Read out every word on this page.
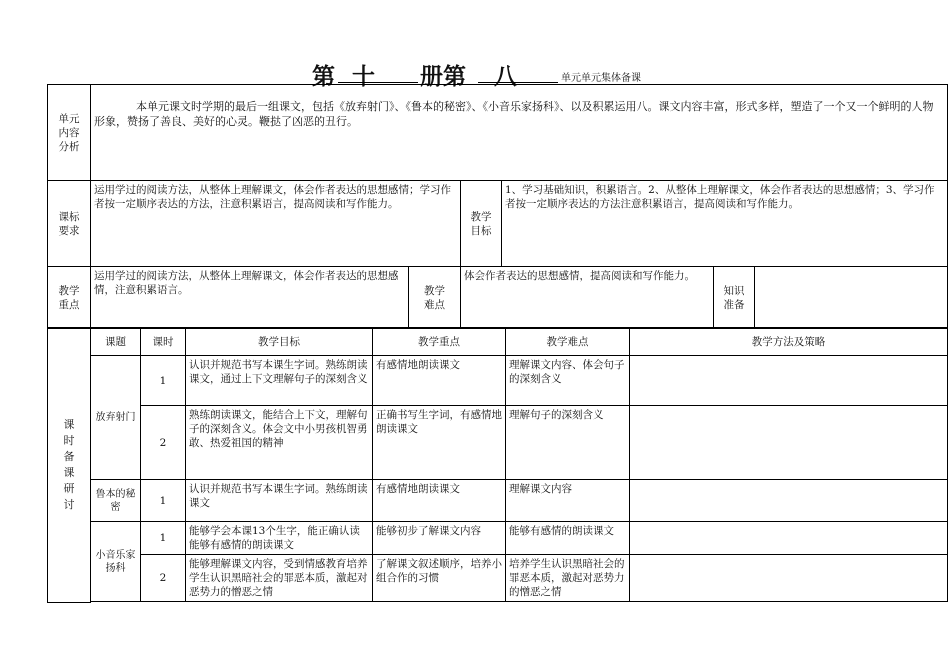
第 十 册第 八	单元单元集体备课
单元内容分析	本单元课文时学期的最后一组课文，包括《放弃射门》、《鲁本的秘密》、《小音乐家扬科》、以及积累运用八。课文内容丰富，形式多样，塑造了一个又一个鲜明的人物形象，赞扬了善良、美好的心灵。鞭挞了凶恶的丑行。					

课标要求	运用学过的阅读方法，从整体上理解课文，体会作者表达的思想感情；学习作者按一定顺序表达的方法，注意积累语言，提高阅读和写作能力。		教学目标	1、学习基础知识，积累语言。2、从整体上理解课文，体会作者表达的思想感情；3、学习作者按一定顺序表达的方法注意积累语言，提高阅读和写作能力。		

教学重点	运用学过的阅读方法，从整体上理解课文，体会作者表达的思想感情，注意积累语言。	教学难点	体会作者表达的思想感情，提高阅读和写作能力。		知识准备	

课时备课研讨	课题	课时	教学目标	教学重点	教学难点	教学方法及策略
	放弃射门	1	认识并规范书写本课生字词。熟练朗读课文，通过上下文理解句子的深刻含义	有感情地朗读课文	理解课文内容、体会句子的深刻含义	
		2	熟练朗读课文，能结合上下文，理解句子的深刻含义。体会文中小男孩机智勇敢、热爱祖国的精神	正确书写生字词，有感情地朗读课文	理解句子的深刻含义	

	鲁本的秘密	1	认识并规范书写本课生字词。熟练朗读课文	有感情地朗读课文	理解课文内容	

	小音乐家扬科	1	能够学会本课13个生字，能正确认读能够有感情的朗读课文	能够初步了解课文内容	能够有感情的朗读课文	
		2	能够理解课文内容，受到情感教育培养学生认识黑暗社会的罪恶本质，激起对恶势力的憎恶之情	了解课文叙述顺序，培养小组合作的习惯	培养学生认识黑暗社会的罪恶本质，激起对恶势力的憎恶之情	
